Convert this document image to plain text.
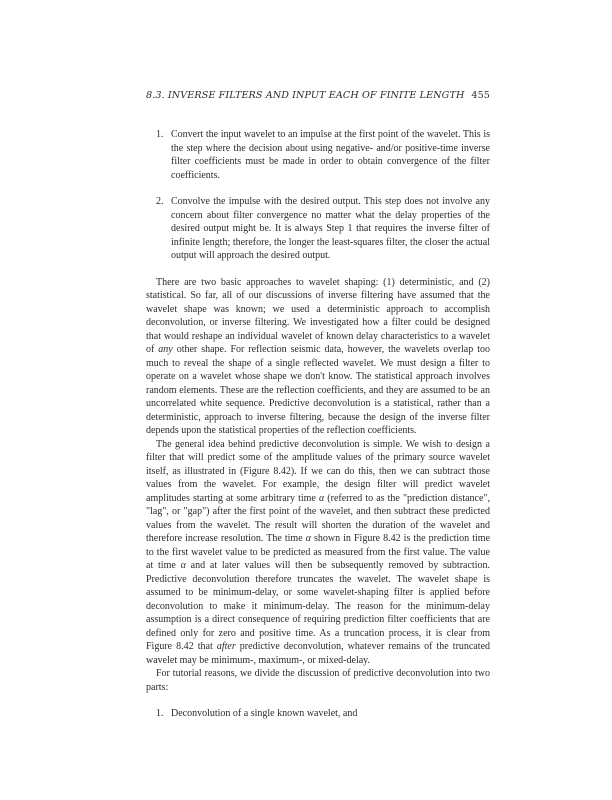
8.3. INVERSE FILTERS AND INPUT EACH OF FINITE LENGTH 455
1. Convert the input wavelet to an impulse at the first point of the wavelet. This is the step where the decision about using negative- and/or positive-time inverse filter coefficients must be made in order to obtain convergence of the filter coefficients.
2. Convolve the impulse with the desired output. This step does not involve any concern about filter convergence no matter what the delay properties of the desired output might be. It is always Step 1 that requires the inverse filter of infinite length; therefore, the longer the least-squares filter, the closer the actual output will approach the desired output.

There are two basic approaches to wavelet shaping: (1) deterministic, and (2) statistical. So far, all of our discussions of inverse filtering have assumed that the wavelet shape was known; we used a deterministic approach to accomplish deconvolution, or inverse filtering. We investigated how a filter could be designed that would reshape an individual wavelet of known delay characteristics to a wavelet of any other shape. For reflection seismic data, however, the wavelets overlap too much to reveal the shape of a single reflected wavelet. We must design a filter to operate on a wavelet whose shape we don't know. The statistical approach involves random elements. These are the reflection coefficients, and they are assumed to be an uncorrelated white sequence. Predictive deconvolution is a statistical, rather than a deterministic, approach to inverse filtering, because the design of the inverse filter depends upon the statistical properties of the reflection coefficients.

The general idea behind predictive deconvolution is simple. We wish to design a filter that will predict some of the amplitude values of the primary source wavelet itself, as illustrated in (Figure 8.42). If we can do this, then we can subtract those values from the wavelet. For example, the design filter will predict wavelet amplitudes starting at some arbitrary time α (referred to as the "prediction distance", "lag", or "gap") after the first point of the wavelet, and then subtract these predicted values from the wavelet. The result will shorten the duration of the wavelet and therefore increase resolution. The time α shown in Figure 8.42 is the prediction time to the first wavelet value to be predicted as measured from the first value. The value at time α and at later values will then be subsequently removed by subtraction. Predictive deconvolution therefore truncates the wavelet. The wavelet shape is assumed to be minimum-delay, or some wavelet-shaping filter is applied before deconvolution to make it minimum-delay. The reason for the minimum-delay assumption is a direct consequence of requiring prediction filter coefficients that are defined only for zero and positive time. As a truncation process, it is clear from Figure 8.42 that after predictive deconvolution, whatever remains of the truncated wavelet may be minimum-, maximum-, or mixed-delay.

For tutorial reasons, we divide the discussion of predictive deconvolution into two parts:

1. Deconvolution of a single known wavelet, and
